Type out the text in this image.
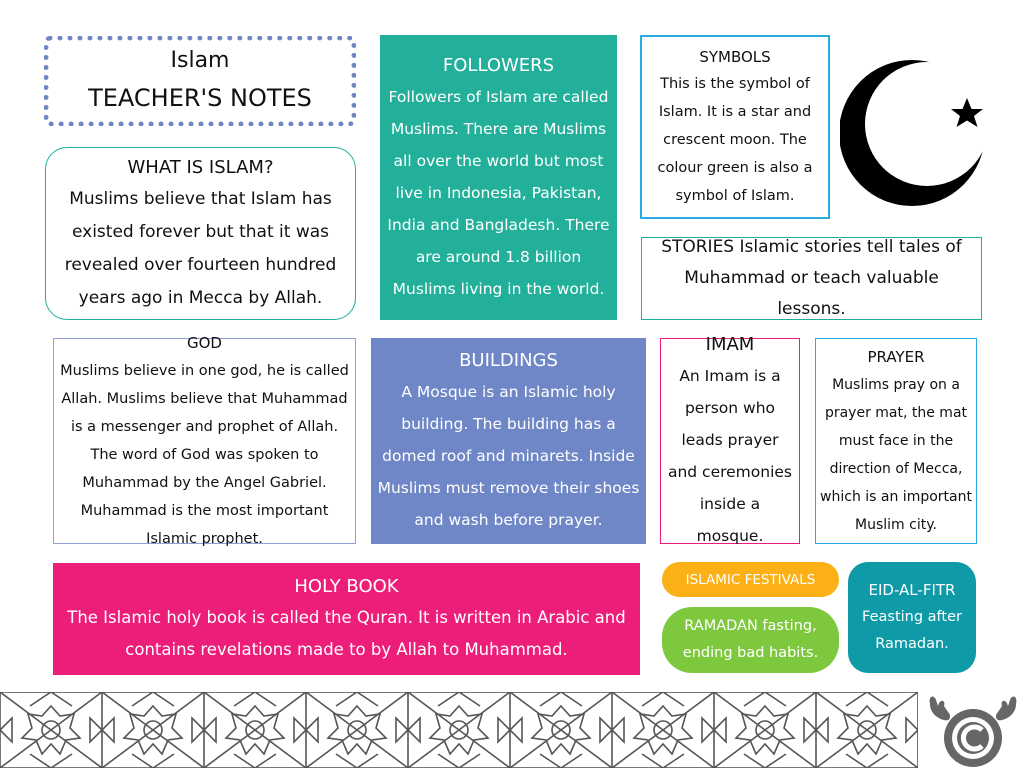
Islam

TEACHER'S NOTES

WHAT IS ISLAM?

Muslims believe that Islam has existed forever but that it was revealed over fourteen hundred years ago in Mecca by Allah.

FOLLOWERS

Followers of Islam are called Muslims. There are Muslims all over the world but most live in Indonesia, Pakistan, India and Bangladesh. There are around 1.8 billion Muslims living in the world.

SYMBOLS

This is the symbol of Islam. It is a star and crescent moon. The colour green is also a symbol of Islam.

STORIES Islamic stories tell tales of Muhammad or teach valuable lessons.

GOD

Muslims believe in one god, he is called Allah. Muslims believe that Muhammad is a messenger and prophet of Allah. The word of God was spoken to Muhammad by the Angel Gabriel. Muhammad is the most important Islamic prophet.

BUILDINGS

A Mosque is an Islamic holy building. The building has a domed roof and minarets. Inside Muslims must remove their shoes and wash before prayer.

IMAM

An Imam is a person who leads prayer and ceremonies inside a mosque.

PRAYER

Muslims pray on a prayer mat, the mat must face in the direction of Mecca, which is an important Muslim city.

HOLY BOOK

The Islamic holy book is called the Quran. It is written in Arabic and contains revelations made to by Allah to Muhammad.

ISLAMIC FESTIVALS

RAMADAN fasting, ending bad habits.

EID-AL-FITR

Feasting after Ramadan.
